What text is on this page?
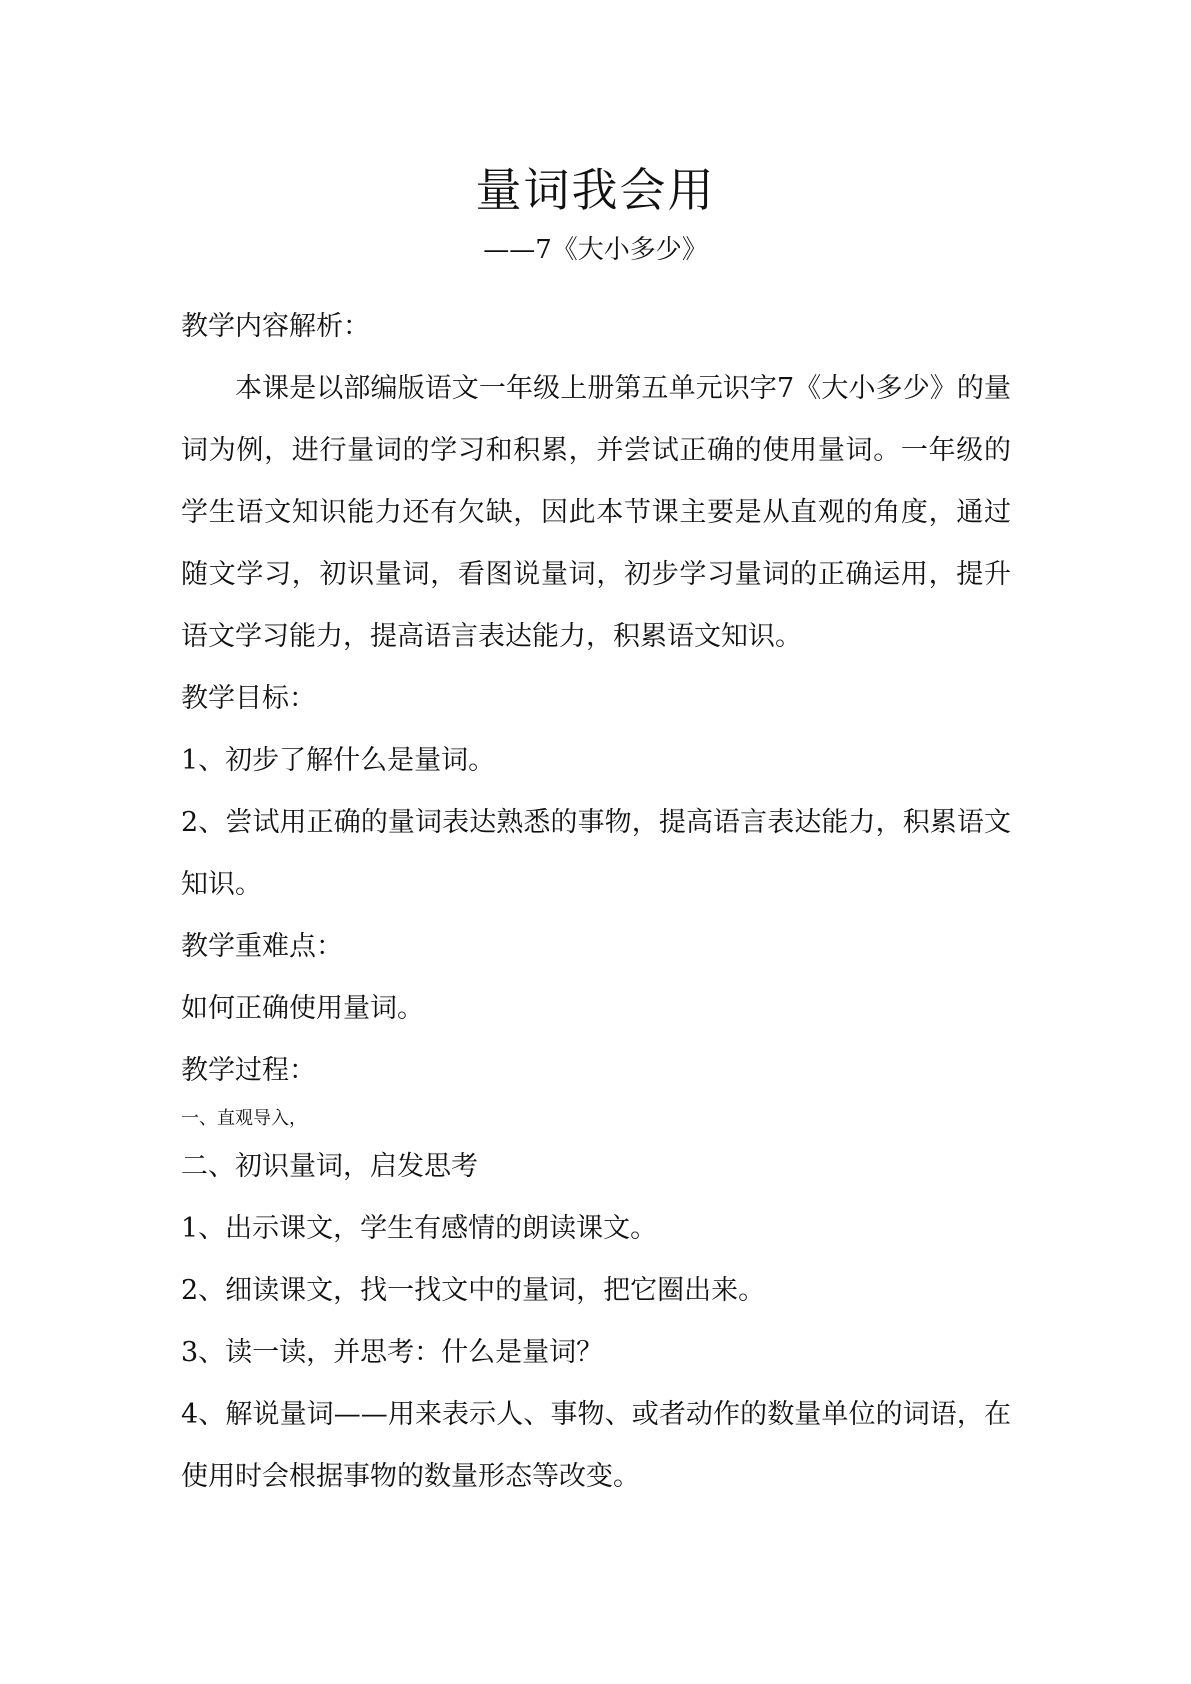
量词我会用
——7《大小多少》

教学内容解析：

本课是以部编版语文一年级上册第五单元识字7《大小多少》的量词为例，进行量词的学习和积累，并尝试正确的使用量词。一年级的学生语文知识能力还有欠缺，因此本节课主要是从直观的角度，通过随文学习，初识量词，看图说量词，初步学习量词的正确运用，提升语文学习能力，提高语言表达能力，积累语文知识。

教学目标：

1、初步了解什么是量词。

2、尝试用正确的量词表达熟悉的事物，提高语言表达能力，积累语文知识。

教学重难点：

如何正确使用量词。

教学过程：

一、直观导入，

二、初识量词，启发思考

1、出示课文，学生有感情的朗读课文。

2、细读课文，找一找文中的量词，把它圈出来。

3、读一读，并思考：什么是量词？

4、解说量词——用来表示人、事物、或者动作的数量单位的词语，在使用时会根据事物的数量形态等改变。
